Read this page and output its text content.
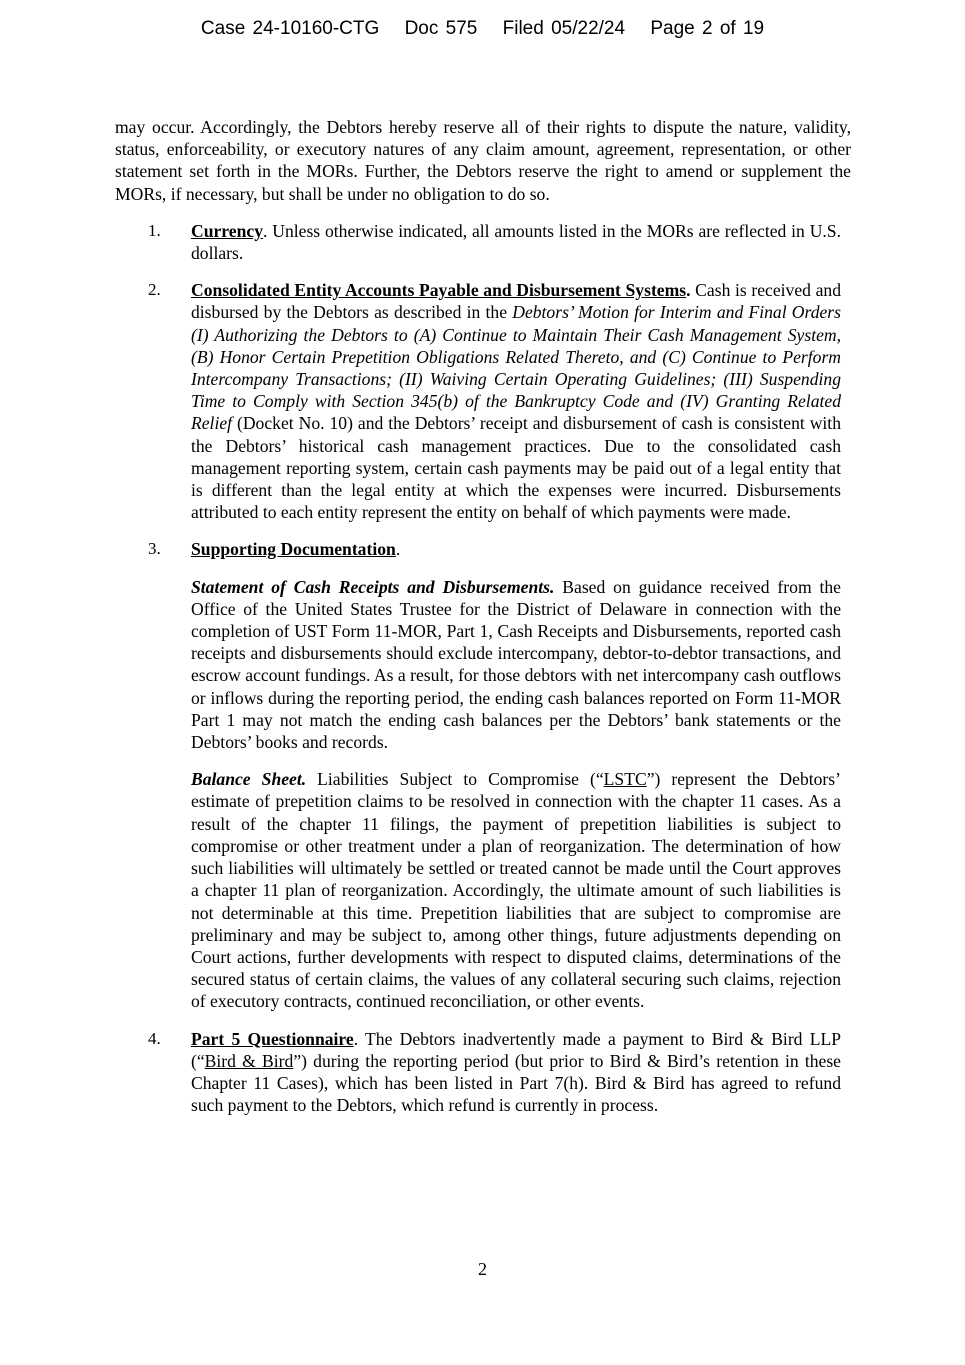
Case 24-10160-CTG Doc 575 Filed 05/22/24 Page 2 of 19

may occur. Accordingly, the Debtors hereby reserve all of their rights to dispute the nature, validity, status, enforceability, or executory natures of any claim amount, agreement, representation, or other statement set forth in the MORs. Further, the Debtors reserve the right to amend or supplement the MORs, if necessary, but shall be under no obligation to do so.

1. Currency. Unless otherwise indicated, all amounts listed in the MORs are reflected in U.S. dollars.

2. Consolidated Entity Accounts Payable and Disbursement Systems. Cash is received and disbursed by the Debtors as described in the Debtors’ Motion for Interim and Final Orders (I) Authorizing the Debtors to (A) Continue to Maintain Their Cash Management System, (B) Honor Certain Prepetition Obligations Related Thereto, and (C) Continue to Perform Intercompany Transactions; (II) Waiving Certain Operating Guidelines; (III) Suspending Time to Comply with Section 345(b) of the Bankruptcy Code and (IV) Granting Related Relief (Docket No. 10) and the Debtors’ receipt and disbursement of cash is consistent with the Debtors’ historical cash management practices. Due to the consolidated cash management reporting system, certain cash payments may be paid out of a legal entity that is different than the legal entity at which the expenses were incurred. Disbursements attributed to each entity represent the entity on behalf of which payments were made.

3. Supporting Documentation.

Statement of Cash Receipts and Disbursements. Based on guidance received from the Office of the United States Trustee for the District of Delaware in connection with the completion of UST Form 11-MOR, Part 1, Cash Receipts and Disbursements, reported cash receipts and disbursements should exclude intercompany, debtor-to-debtor transactions, and escrow account fundings. As a result, for those debtors with net intercompany cash outflows or inflows during the reporting period, the ending cash balances reported on Form 11-MOR Part 1 may not match the ending cash balances per the Debtors’ bank statements or the Debtors’ books and records.

Balance Sheet. Liabilities Subject to Compromise (“LSTC”) represent the Debtors’ estimate of prepetition claims to be resolved in connection with the chapter 11 cases. As a result of the chapter 11 filings, the payment of prepetition liabilities is subject to compromise or other treatment under a plan of reorganization. The determination of how such liabilities will ultimately be settled or treated cannot be made until the Court approves a chapter 11 plan of reorganization. Accordingly, the ultimate amount of such liabilities is not determinable at this time. Prepetition liabilities that are subject to compromise are preliminary and may be subject to, among other things, future adjustments depending on Court actions, further developments with respect to disputed claims, determinations of the secured status of certain claims, the values of any collateral securing such claims, rejection of executory contracts, continued reconciliation, or other events.

4. Part 5 Questionnaire. The Debtors inadvertently made a payment to Bird & Bird LLP (“Bird & Bird”) during the reporting period (but prior to Bird & Bird’s retention in these Chapter 11 Cases), which has been listed in Part 7(h). Bird & Bird has agreed to refund such payment to the Debtors, which refund is currently in process.

2
